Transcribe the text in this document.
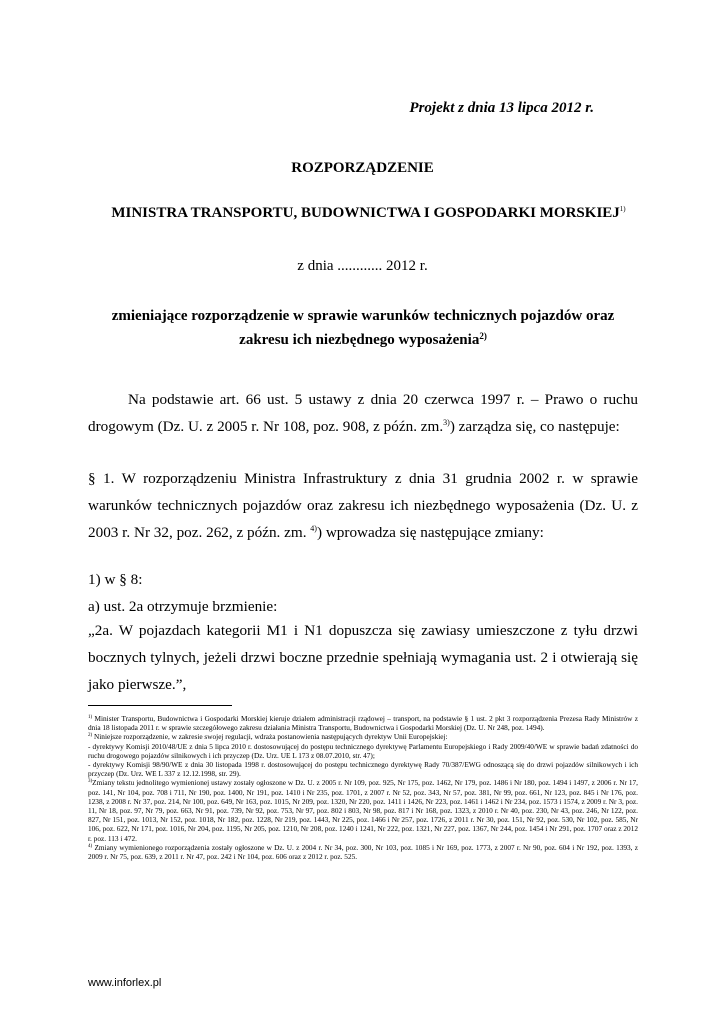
Projekt z dnia 13 lipca 2012 r.
ROZPORZĄDZENIE
MINISTRA TRANSPORTU, BUDOWNICTWA I GOSPODARKI MORSKIEJ$^{1)}$
z dnia ............ 2012 r.
zmieniające rozporządzenie w sprawie warunków technicznych pojazdów oraz zakresu ich niezbędnego wyposażenia$^{2)}$
Na podstawie art. 66 ust. 5 ustawy z dnia 20 czerwca 1997 r. – Prawo o ruchu drogowym (Dz. U. z 2005 r. Nr 108, poz. 908, z późn. zm.$^{3)}$) zarządza się, co następuje:
§ 1. W rozporządzeniu Ministra Infrastruktury z dnia 31 grudnia 2002 r. w sprawie warunków technicznych pojazdów oraz zakresu ich niezbędnego wyposażenia (Dz. U. z 2003 r. Nr 32, poz. 262, z późn. zm. $^{4)}$) wprowadza się następujące zmiany:
1) w § 8:
a) ust. 2a otrzymuje brzmienie:
„2a. W pojazdach kategorii M1 i N1 dopuszcza się zawiasy umieszczone z tyłu drzwi bocznych tylnych, jeżeli drzwi boczne przednie spełniają wymagania ust. 2 i otwierają się jako pierwsze.”,

$^{1)}$ Minister Transportu, Budownictwa i Gospodarki Morskiej kieruje działem administracji rządowej – transport, na podstawie § 1 ust. 2 pkt 3 rozporządzenia Prezesa Rady Ministrów z dnia 18 listopada 2011 r. w sprawie szczegółowego zakresu działania Ministra Transportu, Budownictwa i Gospodarki Morskiej (Dz. U. Nr 248, poz. 1494).

$^{2)}$ Niniejsze rozporządzenie, w zakresie swojej regulacji, wdraża postanowienia następujących dyrektyw Unii Europejskiej:

- dyrektywy Komisji 2010/48/UE z dnia 5 lipca 2010 r. dostosowującej do postępu technicznego dyrektywę Parlamentu Europejskiego i Rady 2009/40/WE w sprawie badań zdatności do ruchu drogowego pojazdów silnikowych i ich przyczep (Dz. Urz. UE L 173 z 08.07.2010, str. 47);

- dyrektywy Komisji 98/90/WE z dnia 30 listopada 1998 r. dostosowującej do postępu technicznego dyrektywę Rady 70/387/EWG odnoszącą się do drzwi pojazdów silnikowych i ich przyczep (Dz. Urz. WE L 337 z 12.12.1998, str. 29).

$^{3)}$Zmiany tekstu jednolitego wymienionej ustawy zostały ogłoszone w Dz. U. z 2005 r. Nr 109, poz. 925, Nr 175, poz. 1462, Nr 179, poz. 1486 i Nr 180, poz. 1494 i 1497, z 2006 r. Nr 17, poz. 141, Nr 104, poz. 708 i 711, Nr 190, poz. 1400, Nr 191, poz. 1410 i Nr 235, poz. 1701, z 2007 r. Nr 52, poz. 343, Nr 57, poz. 381, Nr 99, poz. 661, Nr 123, poz. 845 i Nr 176, poz. 1238, z 2008 r. Nr 37, poz. 214, Nr 100, poz. 649, Nr 163, poz. 1015, Nr 209, poz. 1320, Nr 220, poz. 1411 i 1426, Nr 223, poz. 1461 i 1462 i Nr 234, poz. 1573 i 1574, z 2009 r. Nr 3, poz. 11, Nr 18, poz. 97, Nr 79, poz. 663, Nr 91, poz. 739, Nr 92, poz. 753, Nr 97, poz. 802 i 803, Nr 98, poz. 817 i Nr 168, poz. 1323, z 2010 r. Nr 40, poz. 230, Nr 43, poz. 246, Nr 122, poz. 827, Nr 151, poz. 1013, Nr 152, poz. 1018, Nr 182, poz. 1228, Nr 219, poz. 1443, Nr 225, poz. 1466 i Nr 257, poz. 1726, z 2011 r. Nr 30, poz. 151, Nr 92, poz. 530, Nr 102, poz. 585, Nr 106, poz. 622, Nr 171, poz. 1016, Nr 204, poz. 1195, Nr 205, poz. 1210, Nr 208, poz. 1240 i 1241, Nr 222, poz. 1321, Nr 227, poz. 1367, Nr 244, poz. 1454 i Nr 291, poz. 1707 oraz z 2012 r. poz. 113 i 472.

$^{4)}$ Zmiany wymienionego rozporządzenia zostały ogłoszone w Dz. U. z 2004 r. Nr 34, poz. 300, Nr 103, poz. 1085 i Nr 169, poz. 1773, z 2007 r. Nr 90, poz. 604 i Nr 192, poz. 1393, z 2009 r. Nr 75, poz. 639, z 2011 r. Nr 47, poz. 242 i Nr 104, poz. 606 oraz z 2012 r. poz. 525.

www.inforlex.pl
